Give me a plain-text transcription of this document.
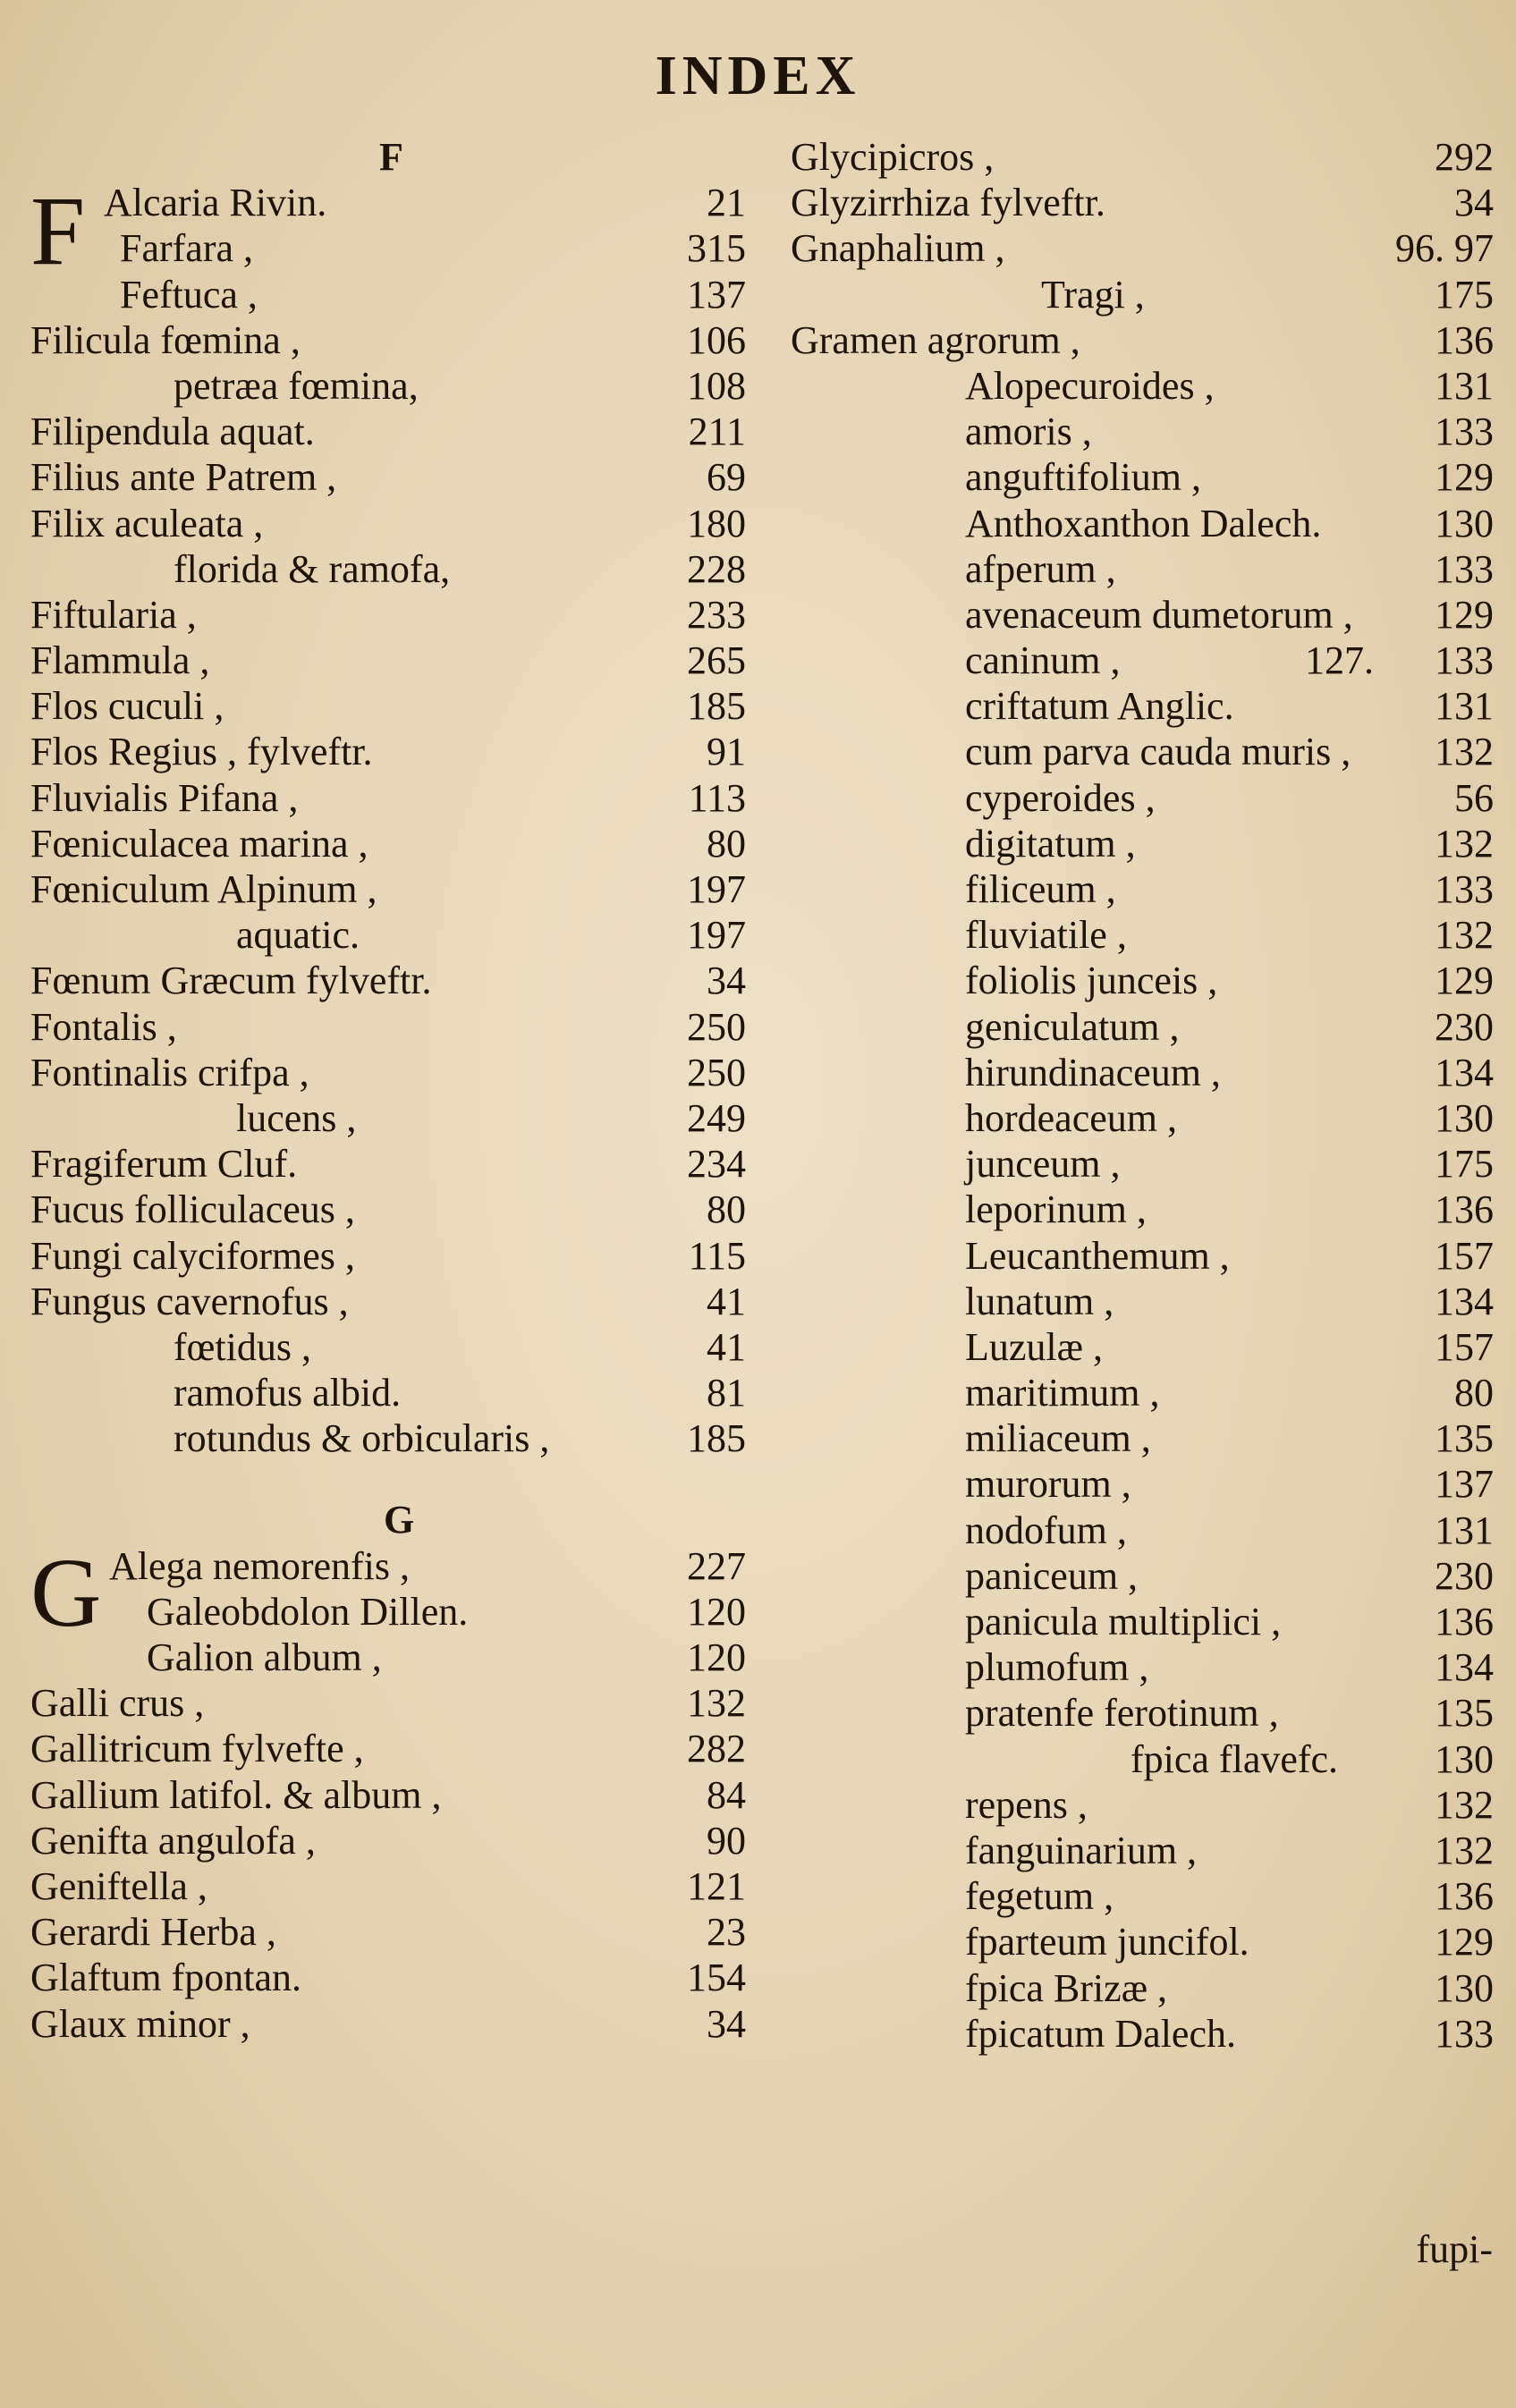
INDEX
F
F Alcaria Rivin.	21
Farfara ,	315
Feftuca ,	137
Filicula fœmina ,	106
petræa fœmina,	108
Filipendula aquat.	211
Filius ante Patrem ,	69
Filix aculeata ,	180
florida & ramofa,	228
Fiftularia ,	233
Flammula ,	265
Flos cuculi ,	185
Flos Regius , fylveftr.	91
Fluvialis Pifana ,	113
Fœniculacea marina ,	80
Fœniculum Alpinum ,	197
aquatic.	197
Fœnum Græcum fylveftr.	34
Fontalis ,	250
Fontinalis crifpa ,	250
lucens ,	249
Fragiferum Cluf.	234
Fucus folliculaceus ,	80
Fungi calyciformes ,	115
Fungus cavernofus ,	41
fœtidus ,	41
ramofus albid.	81
rotundus & orbicularis ,	185
G
G Alega nemorenfis ,	227
Galeobdolon Dillen.	120
Galion album ,	120
Galli crus ,	132
Gallitricum fylvefte ,	282
Gallium latifol. & album ,	84
Genifta angulofa ,	90
Geniftella ,	121
Gerardi Herba ,	23
Glaftum fpontan.	154
Glaux minor ,	34
Glycipicros ,	292
Glyzirrhiza fylveftr.	34
Gnaphalium ,	96. 97
Tragi ,	175
Gramen agrorum ,	136
Alopecuroides ,	131
amoris ,	133
anguftifolium ,	129
Anthoxanthon Dalech.	130
afperum ,	133
avenaceum dumetorum ,	129
caninum ,	127.	133
criftatum Anglic.	131
cum parva cauda muris ,	132
cyperoides ,	56
digitatum ,	132
filiceum ,	133
fluviatile ,	132
foliolis junceis ,	129
geniculatum ,	230
hirundinaceum ,	134
hordeaceum ,	130
junceum ,	175
leporinum ,	136
Leucanthemum ,	157
lunatum ,	134
Luzulæ ,	157
maritimum ,	80
miliaceum ,	135
murorum ,	137
nodofum ,	131
paniceum ,	230
panicula multiplici ,	136
plumofum ,	134
pratenfe ferotinum ,	135
fpica flavefc.	130
repens ,	132
fanguinarium ,	132
fegetum ,	136
fparteum juncifol.	129
fpica Brizæ ,	130
fpicatum Dalech.	133
fupi-
